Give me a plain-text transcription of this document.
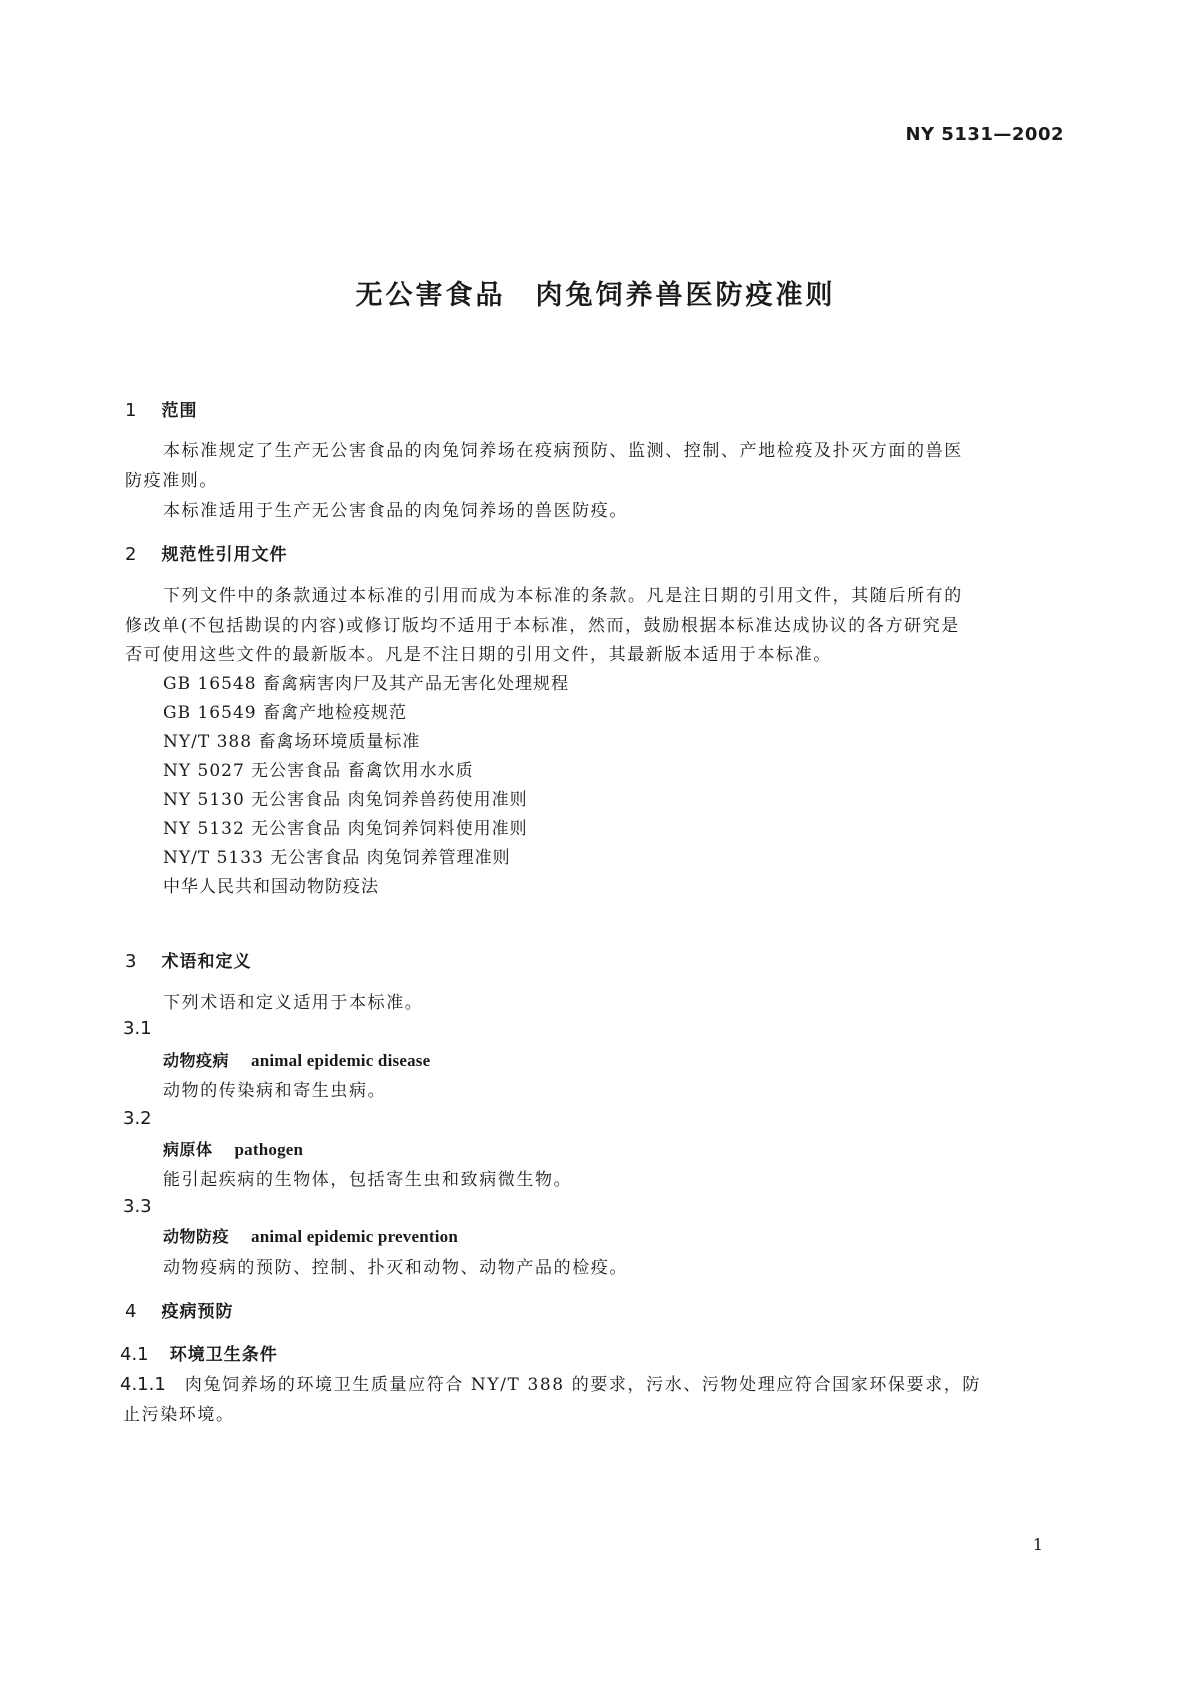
NY 5131—2002
无公害食品　肉兔饲养兽医防疫准则
1 范围
本标准规定了生产无公害食品的肉兔饲养场在疫病预防、监测、控制、产地检疫及扑灭方面的兽医
防疫准则。
本标准适用于生产无公害食品的肉兔饲养场的兽医防疫。
2 规范性引用文件
下列文件中的条款通过本标准的引用而成为本标准的条款。凡是注日期的引用文件，其随后所有的
修改单(不包括勘误的内容)或修订版均不适用于本标准，然而，鼓励根据本标准达成协议的各方研究是
否可使用这些文件的最新版本。凡是不注日期的引用文件，其最新版本适用于本标准。
GB 16548 畜禽病害肉尸及其产品无害化处理规程
GB 16549 畜禽产地检疫规范
NY/T 388 畜禽场环境质量标准
NY 5027 无公害食品 畜禽饮用水水质
NY 5130 无公害食品 肉兔饲养兽药使用准则
NY 5132 无公害食品 肉兔饲养饲料使用准则
NY/T 5133 无公害食品 肉兔饲养管理准则
中华人民共和国动物防疫法
3 术语和定义
下列术语和定义适用于本标准。
3.1
动物疫病 animal epidemic disease
动物的传染病和寄生虫病。
3.2
病原体 pathogen
能引起疾病的生物体，包括寄生虫和致病微生物。
3.3
动物防疫 animal epidemic prevention
动物疫病的预防、控制、扑灭和动物、动物产品的检疫。
4 疫病预防
4.1 环境卫生条件
4.1.1 肉兔饲养场的环境卫生质量应符合 NY/T 388 的要求，污水、污物处理应符合国家环保要求，防
止污染环境。
1
